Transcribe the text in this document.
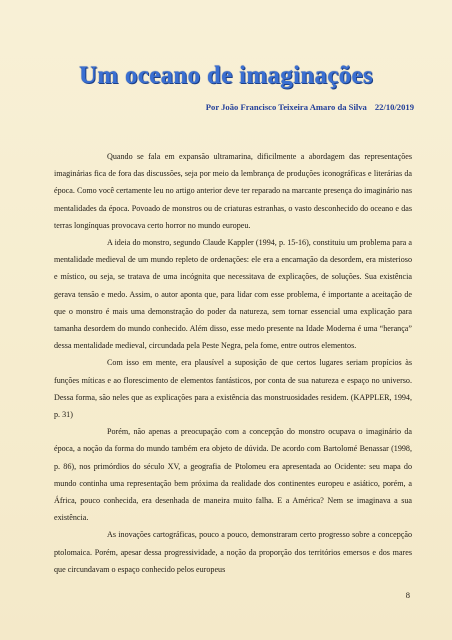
Um oceano de imaginações
Por João Francisco Teixeira Amaro da Silva 22/10/2019

Quando se fala em expansão ultramarina, dificilmente a abordagem das representações imaginárias fica de fora das discussões, seja por meio da lembrança de produções iconográficas e literárias da época. Como você certamente leu no artigo anterior deve ter reparado na marcante presença do imaginário nas mentalidades da época. Povoado de monstros ou de criaturas estranhas, o vasto desconhecido do oceano e das terras longínquas provocava certo horror no mundo europeu.

A ideia do monstro, segundo Claude Kappler (1994, p. 15-16), constituiu um problema para a mentalidade medieval de um mundo repleto de ordenações: ele era a encarnação da desordem, era misterioso e místico, ou seja, se tratava de uma incógnita que necessitava de explicações, de soluções. Sua existência gerava tensão e medo. Assim, o autor aponta que, para lidar com esse problema, é importante a aceitação de que o monstro é mais uma demonstração do poder da natureza, sem tornar essencial uma explicação para tamanha desordem do mundo conhecido. Além disso, esse medo presente na Idade Moderna é uma “herança” dessa mentalidade medieval, circundada pela Peste Negra, pela fome, entre outros elementos.

Com isso em mente, era plausível a suposição de que certos lugares seriam propícios às funções míticas e ao florescimento de elementos fantásticos, por conta de sua natureza e espaço no universo. Dessa forma, são neles que as explicações para a existência das monstruosidades residem. (KAPPLER, 1994, p. 31)

Porém, não apenas a preocupação com a concepção do monstro ocupava o imaginário da época, a noção da forma do mundo também era objeto de dúvida. De acordo com Bartolomé Benassar (1998, p. 86), nos primórdios do século XV, a geografia de Ptolomeu era apresentada ao Ocidente: seu mapa do mundo continha uma representação bem próxima da realidade dos continentes europeu e asiático, porém, a África, pouco conhecida, era desenhada de maneira muito falha. E a América? Nem se imaginava a sua existência.

As inovações cartográficas, pouco a pouco, demonstraram certo progresso sobre a concepção ptolomaica. Porém, apesar dessa progressividade, a noção da proporção dos territórios emersos e dos mares que circundavam o espaço conhecido pelos europeus

8
